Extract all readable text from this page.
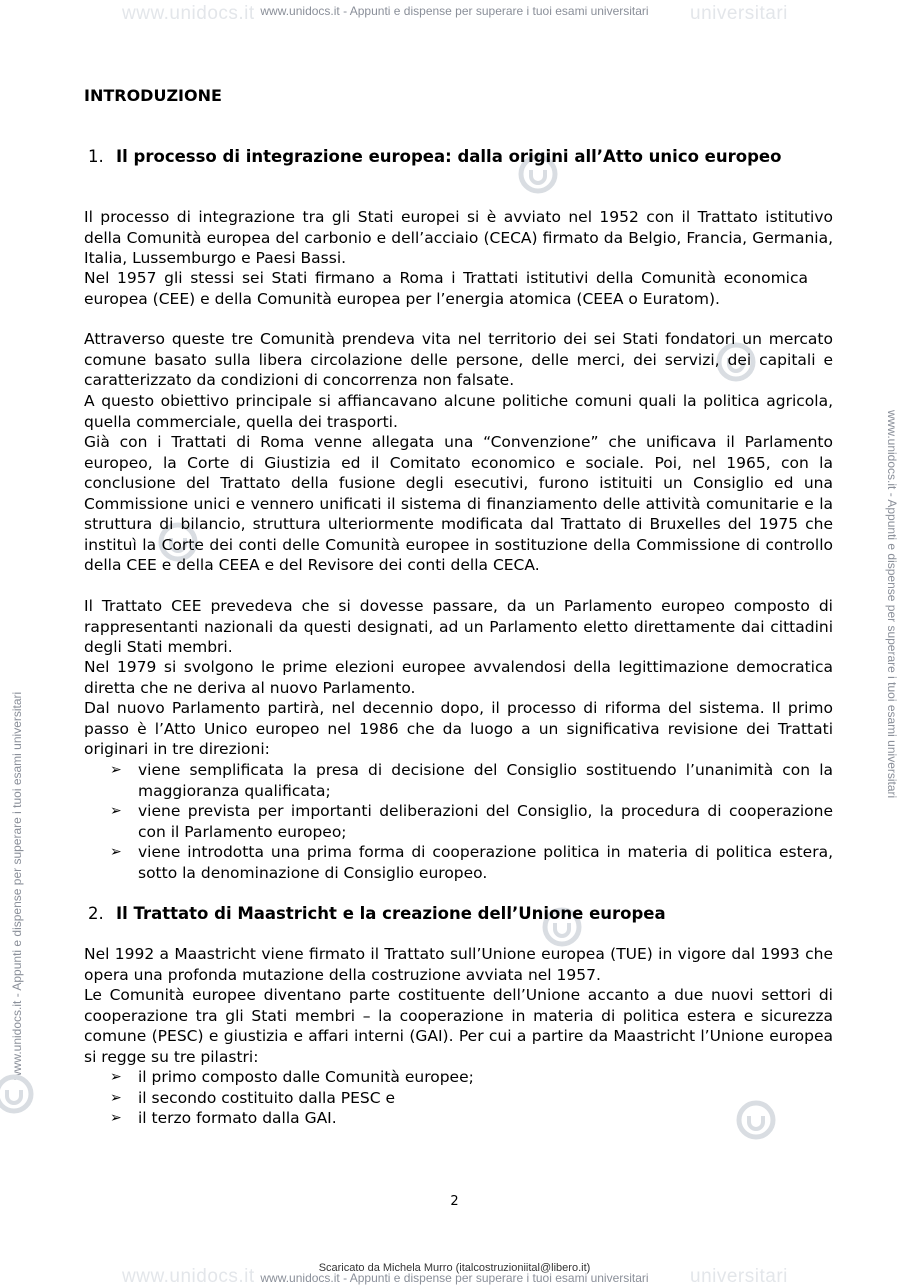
www.unidocs.it	universitari
www.unidocs.it - Appunti e dispense per superare i tuoi esami universitari
www.unidocs.it	universitari
www.unidocs.it - Appunti e dispense per superare i tuoi esami universitari
www.unidocs.it - Appunti e dispense per superare i tuoi esami universitari
www.unidocs.it - Appunti e dispense per superare i tuoi esami universitari
INTRODUZIONE
1. Il processo di integrazione europea: dalla origini all’Atto unico europeo
Il processo di integrazione tra gli Stati europei si è avviato nel 1952 con il Trattato istitutivo della Comunità europea del carbonio e dell’acciaio (CECA) firmato da Belgio, Francia, Germania, Italia, Lussemburgo e Paesi Bassi.
Nel 1957 gli stessi sei Stati firmano a Roma i Trattati istitutivi della Comunità economica europea (CEE) e della Comunità europea per l’energia atomica (CEEA o Euratom).
Attraverso queste tre Comunità prendeva vita nel territorio dei sei Stati fondatori un mercato comune basato sulla libera circolazione delle persone, delle merci, dei servizi, dei capitali e caratterizzato da condizioni di concorrenza non falsate.
A questo obiettivo principale si affiancavano alcune politiche comuni quali la politica agricola, quella commerciale, quella dei trasporti.
Già con i Trattati di Roma venne allegata una “Convenzione” che unificava il Parlamento europeo, la Corte di Giustizia ed il Comitato economico e sociale. Poi, nel 1965, con la conclusione del Trattato della fusione degli esecutivi, furono istituiti un Consiglio ed una Commissione unici e vennero unificati il sistema di finanziamento delle attività comunitarie e la struttura di bilancio, struttura ulteriormente modificata dal Trattato di Bruxelles del 1975 che instituì la Corte dei conti delle Comunità europee in sostituzione della Commissione di controllo della CEE e della CEEA e del Revisore dei conti della CECA.
Il Trattato CEE prevedeva che si dovesse passare, da un Parlamento europeo composto di rappresentanti nazionali da questi designati, ad un Parlamento eletto direttamente dai cittadini degli Stati membri.
Nel 1979 si svolgono le prime elezioni europee avvalendosi della legittimazione democratica diretta che ne deriva al nuovo Parlamento.
Dal nuovo Parlamento partirà, nel decennio dopo, il processo di riforma del sistema. Il primo passo è l’Atto Unico europeo nel 1986 che da luogo a un significativa revisione dei Trattati originari in tre direzioni:
➢ viene semplificata la presa di decisione del Consiglio sostituendo l’unanimità con la maggioranza qualificata;
➢ viene prevista per importanti deliberazioni del Consiglio, la procedura di cooperazione con il Parlamento europeo;
➢ viene introdotta una prima forma di cooperazione politica in materia di politica estera, sotto la denominazione di Consiglio europeo.
2. Il Trattato di Maastricht e la creazione dell’Unione europea
Nel 1992 a Maastricht viene firmato il Trattato sull’Unione europea (TUE) in vigore dal 1993 che opera una profonda mutazione della costruzione avviata nel 1957.
Le Comunità europee diventano parte costituente dell’Unione accanto a due nuovi settori di cooperazione tra gli Stati membri – la cooperazione in materia di politica estera e sicurezza comune (PESC) e giustizia e affari interni (GAI). Per cui a partire da Maastricht l’Unione europea si regge su tre pilastri:
➢ il primo composto dalle Comunità europee;
➢ il secondo costituito dalla PESC e
➢ il terzo formato dalla GAI.
2
Scaricato da Michela Murro (italcostruzioniital@libero.it)
